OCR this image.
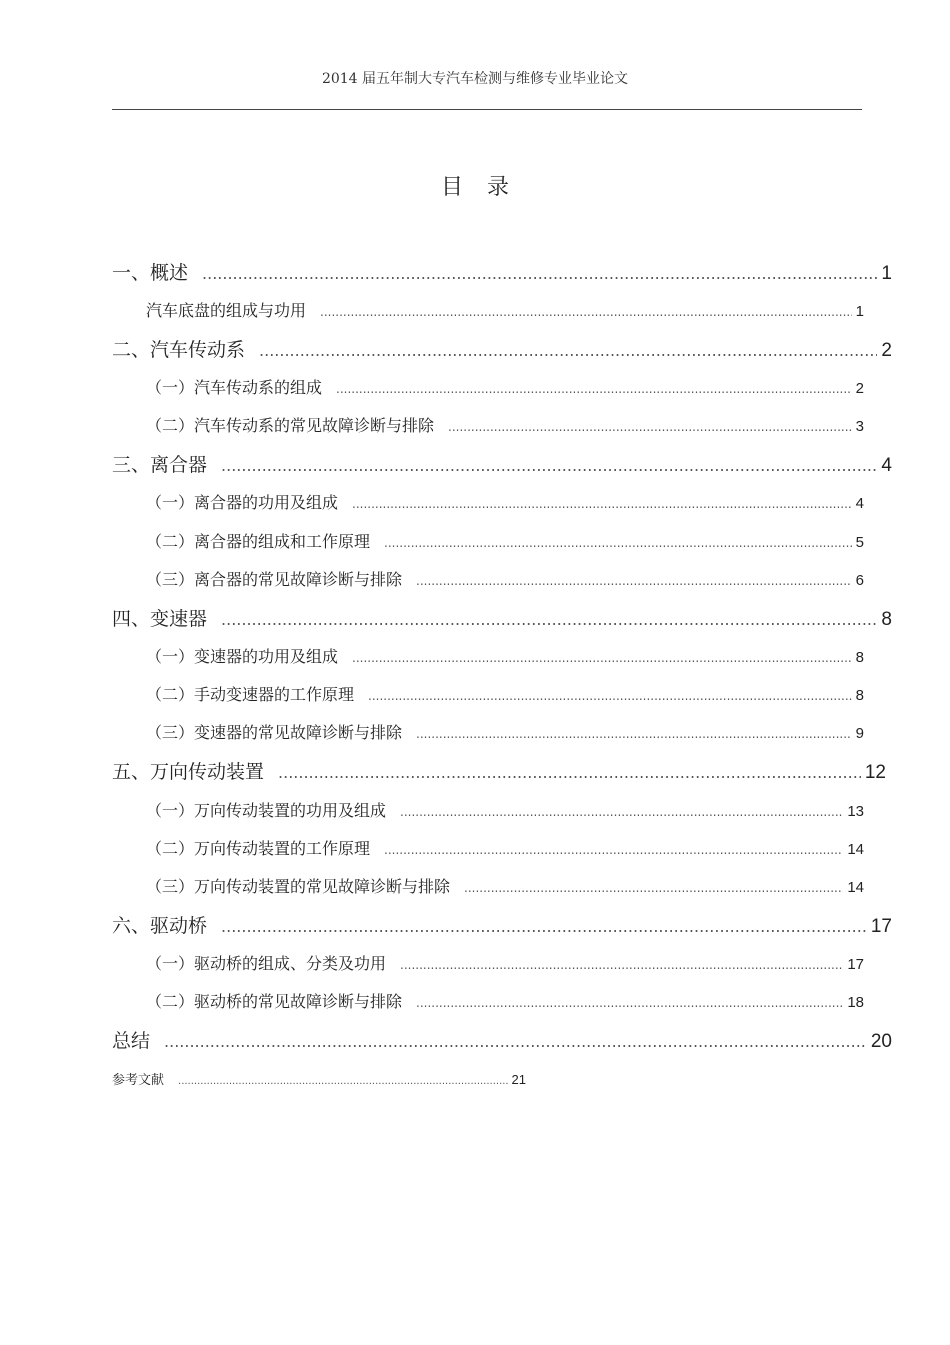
2014 届五年制大专汽车检测与维修专业毕业论文
目录
一、概述 .....	1
汽车底盘的组成与功用 .....	1
二、汽车传动系 .....	2
（一）汽车传动系的组成 .....	2
（二）汽车传动系的常见故障诊断与排除 .....	3
三、离合器 .....	4
（一）离合器的功用及组成 .....	4
（二）离合器的组成和工作原理 .....	5
（三）离合器的常见故障诊断与排除 .....	6
四、变速器 .....	8
（一）变速器的功用及组成 .....	8
（二）手动变速器的工作原理 .....	8
（三）变速器的常见故障诊断与排除 .....	9
五、万向传动装置 .....	12
（一）万向传动装置的功用及组成 .....	13
（二）万向传动装置的工作原理 .....	14
（三）万向传动装置的常见故障诊断与排除 .....	14
六、驱动桥 .....	17
（一）驱动桥的组成、分类及功用 .....	17
（二）驱动桥的常见故障诊断与排除 .....	18
总结 .....	20
参考文献 .....	21
